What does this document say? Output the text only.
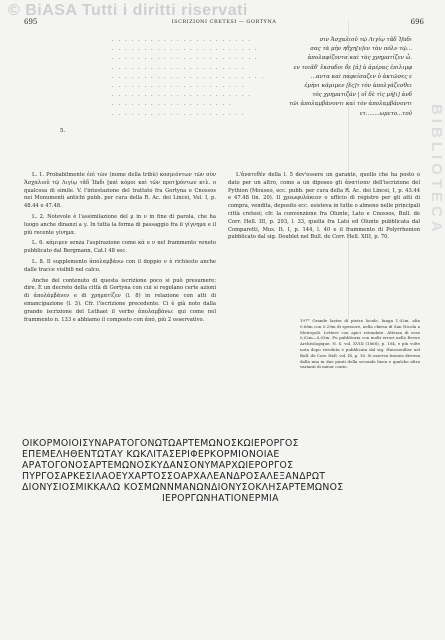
© BiASA Tutti i diritti riservati
BIBLIOTECA
695	ISCRIZIONI CRETESI — GORTYNA	696
. . . . . . . . . . . . . . . . . . . . . .	σιν Ἀσχαλιοῦ τῷ Λιγίῳ τᾶδ Ἰfaδι
. . . . . . . . . . . . . . . . . . . . . . .	σας τὰ μὴν ηθχη[ν]εν τὰν πόλν τῷ...
. . . . . . . . . . . . . . . . . . . . . . .	ἀπολαφίζοντα καὶ τὰς χρηματίζεν ὦ.
. . . . . . . . . . . . . . . . . . . . .	εν τοιᾶδ' ἔκσαδοι δε [ἁ] ἁ ἀμέρας ἐπιλιμφ
. . . . . . . . . . . . . . . . . . . . . . . .	...αντα καὶ παφείσαζεν ὁ ἀκτῶσες ε
. . . . . . . . . . . . . . . . . . . . .	ἐμὴνι κάμιμεν [ἔς]τ τὸν ἀπολγάζεσθει
. . . . . . . . . . . . . . . . . . . . . .	τὸς χρηματιζάν | οἳ δὲ τὶς μὴ[ι] ἀνδ
. . . . . . . . . . . . . . . . . . .	τῶι ἀπολαμβάνοντι καὶ τὸν ἀπολαμβάνοντι
. . . . . . . . . . . . . . . . . . . . .	ετ........ωμετο...τοῦ
5.

L. 1. Probabilmente ἐπὶ τῶν (nome della tribù) κοσμιόντων τῶν σὺν Ἀσχαλιοῦ τῷ Λιγίῳ τᾶδ Ἰfaδι [καὶ κόμοι καὶ τῶν προτ]ρόντων κτλ. o qualcosa di simile. V. l'intestazione del trattato fra Gortyna e Cnossos nei Monumenti antichi pubb. per cura della R. Ac. dei Lincei, Vol. I, p. 48.44 e 47.48.

L. 2. Notevole è l'assimilazione del μ in ν in fine di parola, che ha luogo anche dinanzi a γ. In tutta la forma di passaggio fra il γίγνημα e il più recente γίνημα.

L. 6. κάμιμεν senza l'aspirazione come κὰ e ν nel frammento veneto pubblicato dal Bergmann, Cat.I 48 sec.

L. 8. Il supplemento ἀπολαμβάνω con il doppio ν è richiesto anche dalle tracce visibili nel calco.

Anche del contenuto di questa iscrizione poco si può presumere; dire. È un decreto della città di Gortyna con cui si regolano certe azioni di ἀπολάμβάνεν e di χρηματίζεν (l. 8) in relazione con atti di emancipazione (l. 3). Cfr. l'iscrizione precedente. Ci è già noto dalla grande iscrizione del Lethaei il verbo ἀπολαμβάνω: qui come nel frammento n. 133 e abbiamo il composto con ἀπό, più 2 osservativo.

L'ἀνατεθέν della l. 5 dev'essere un garante, quello che ha posto o dato per un altro, come a un diposeo gli ἀνατίσαν dell'iscrizione del Pythion (Mouseo, ecc. pubb. per cura della R. Ac. dei Lincei, I, p. 43.44 e 47.48 lin. 20). Il χρεωφυλάκιον o ufficio di registro per gli atti di compra, vendita, deposito ecc. esisteva in tutte o almeno nelle principali città cretesi; cfr. la convenzione fra Olunte, Lato e Cnossos, Bull. de Corr. Hell. III, p. 293, l. 33, quella fra Lato ed Olunte pubblicata dal Comparetti, Mus. It. I, p. 144, l. 40 e il frammento di Polyrrhenion pubblicato dal sig. Doublet nel Bull. de Corr. Hell. XIII, p. 70.

197* Grande lastra di pietra locale, lunga 1.02m, alta 0.68m con 0.29m di spessore, nella chiesa di San Nicola a Metropoli. Lettere con apici rotondate. Altezza di esse 0,02m—0,03m. Fu pubblicata con molti errori nella Revue Archéologique, N. S. vol. XVIII (1868), p. 104, e più volte nota dopo riveduta e pubblicata dal sig. Haussoullier nel Bull. de Corr. Hell. vol. IX, p. 18. Si osserva lezione diversa dalla mia in due punti della seconda linea e qualche altra varianti di minor conto.
ΟΙΚΟΡΜΟΙΟΙΣΥΝΑΡΑΤΟΓΟΝΩΤΩΑΡΤΕΜΩΝΟΣΚΩΙΕΡΟΡΓΟΣ
ΕΠΕΜΕΛΗΘΕΝΤΩΤΑΥ ΚΩΚΛΙΤΑΣΕΡΙΦΕΡΚΟΡΜΙΟΝΟΙΑΕ
ΑΡΑΤΟΓΟΝΟΣΑΡΤΕΜΩΝΟΣΚΥΔΑΝΣΟΝΥΜΑΡΧΩΙΕΡΟΡΓΟΣ
ΠΥΡΓΟΣΑΡΚΕΣΙΛΑΟΕΥΧΑΡΤΟΣΣΟΑΡΧΑΛΕΑΝΔΡΟΣΑΛΕΞΑΝΔΡΩΤ
ΔΙΟΝΥΣΙΟΣΜΙΚΚΑΛΩ ΚΟΣΜΩΝΝΜΑΝΩΝΔΙΟΝΥΣΟΚΛΗΣΑΡΤΕΜΩΝΟΣ
ΙΕΡΟΡΓΩΝΗΑΤΙΟΝΕΡΜΙΑ
